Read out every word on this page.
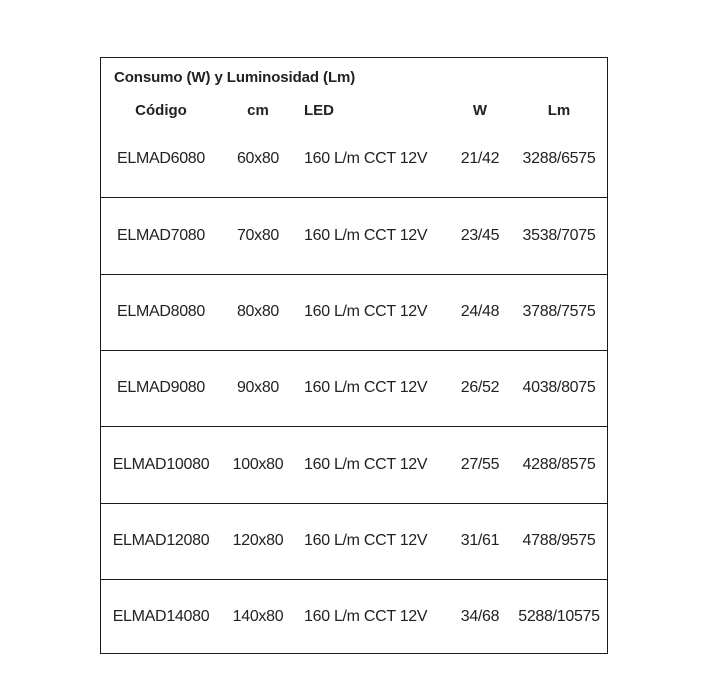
Consumo (W) y Luminosidad (Lm)
Código	cm	LED	W	Lm
ELMAD6080	60x80	160 L/m CCT 12V	21/42	3288/6575
ELMAD7080	70x80	160 L/m CCT 12V	23/45	3538/7075
ELMAD8080	80x80	160 L/m CCT 12V	24/48	3788/7575
ELMAD9080	90x80	160 L/m CCT 12V	26/52	4038/8075
ELMAD10080	100x80	160 L/m CCT 12V	27/55	4288/8575
ELMAD12080	120x80	160 L/m CCT 12V	31/61	4788/9575
ELMAD14080	140x80	160 L/m CCT 12V	34/68	5288/10575
